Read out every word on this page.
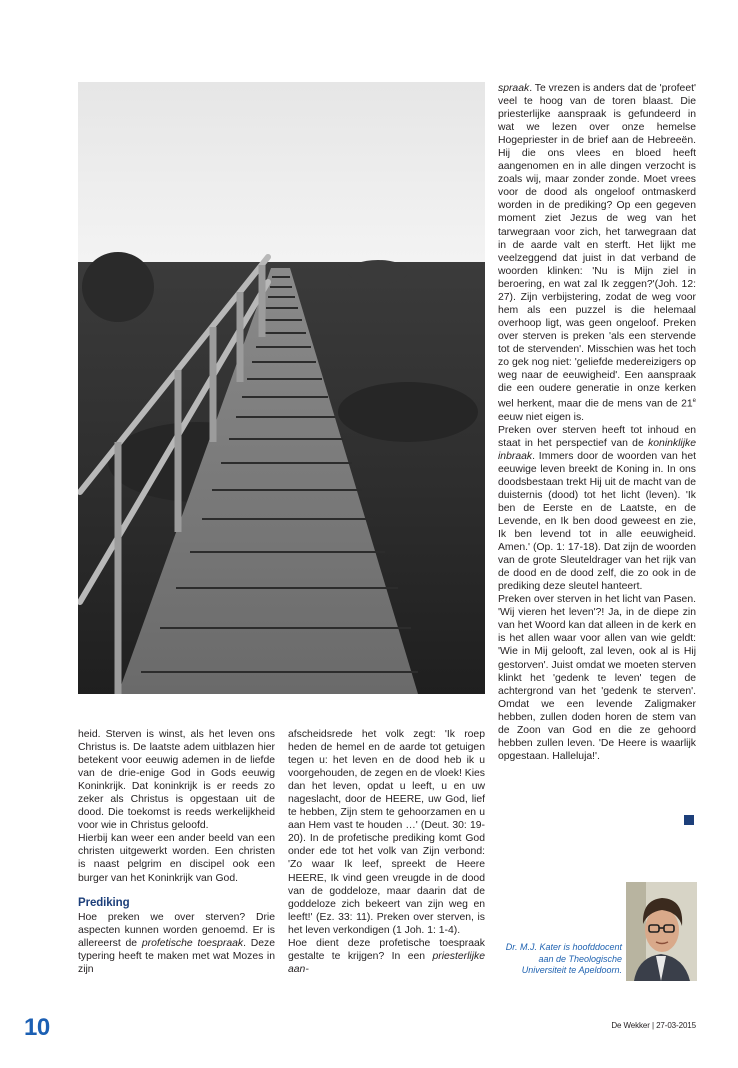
heid. Sterven is winst, als het leven ons Christus is. De laatste adem uitblazen hier betekent voor eeuwig ademen in de liefde van de drie-enige God in Gods eeuwig Koninkrijk. Dat koninkrijk is er reeds zo zeker als Christus is opgestaan uit de dood. Die toekomst is reeds werkelijkheid voor wie in Christus geloofd.

Hierbij kan weer een ander beeld van een christen uitgewerkt worden. Een christen is naast pelgrim en discipel ook een burger van het Koninkrijk van God.

Prediking

Hoe preken we over sterven? Drie aspecten kunnen worden genoemd. Er is allereerst de profetische toespraak. Deze typering heeft te maken met wat Mozes in zijn

afscheidsrede het volk zegt: 'Ik roep heden de hemel en de aarde tot getuigen tegen u: het leven en de dood heb ik u voorgehouden, de zegen en de vloek! Kies dan het leven, opdat u leeft, u en uw nageslacht, door de HEERE, uw God, lief te hebben, Zijn stem te gehoorzamen en u aan Hem vast te houden …' (Deut. 30: 19-20). In de profetische prediking komt God onder ede tot het volk van Zijn verbond: 'Zo waar Ik leef, spreekt de Heere HEERE, Ik vind geen vreugde in de dood van de goddeloze, maar daarin dat de goddeloze zich bekeert van zijn weg en leeft!' (Ez. 33: 11). Preken over sterven, is het leven verkondigen (1 Joh. 1: 1-4).

Hoe dient deze profetische toespraak gestalte te krijgen? In een priesterlijke aan-

spraak. Te vrezen is anders dat de 'profeet' veel te hoog van de toren blaast. Die priesterlijke aanspraak is gefundeerd in wat we lezen over onze hemelse Hogepriester in de brief aan de Hebreeën. Hij die ons vlees en bloed heeft aangenomen en in alle dingen verzocht is zoals wij, maar zonder zonde. Moet vrees voor de dood als ongeloof ontmaskerd worden in de prediking? Op een gegeven moment ziet Jezus de weg van het tarwegraan voor zich, het tarwegraan dat in de aarde valt en sterft. Het lijkt me veelzeggend dat juist in dat verband de woorden klinken: 'Nu is Mijn ziel in beroering, en wat zal Ik zeggen?'(Joh. 12: 27). Zijn verbijstering, zodat de weg voor hem als een puzzel is die helemaal overhoop ligt, was geen ongeloof. Preken over sterven is preken 'als een stervende tot de stervenden'. Misschien was het toch zo gek nog niet: 'geliefde medereizigers op weg naar de eeuwigheid'. Een aanspraak die een oudere generatie in onze kerken wel herkent, maar die de mens van de 21e eeuw niet eigen is.

Preken over sterven heeft tot inhoud en staat in het perspectief van de koninklijke inbraak. Immers door de woorden van het eeuwige leven breekt de Koning in. In ons doodsbestaan trekt Hij uit de macht van de duisternis (dood) tot het licht (leven). 'Ik ben de Eerste en de Laatste, en de Levende, en Ik ben dood geweest en zie, Ik ben levend tot in alle eeuwigheid. Amen.' (Op. 1: 17-18). Dat zijn de woorden van de grote Sleuteldrager van het rijk van de dood en de dood zelf, die zo ook in de prediking deze sleutel hanteert.

Preken over sterven in het licht van Pasen. 'Wij vieren het leven'?! Ja, in de diepe zin van het Woord kan dat alleen in de kerk en is het allen waar voor allen van wie geldt: 'Wie in Mij gelooft, zal leven, ook al is Hij gestorven'. Juist omdat we moeten sterven klinkt het 'gedenk te leven' tegen de achtergrond van het 'gedenk te sterven'. Omdat we een levende Zaligmaker hebben, zullen doden horen de stem van de Zoon van God en die ze gehoord hebben zullen leven. 'De Heere is waarlijk opgestaan. Halleluja!'.

Dr. M.J. Kater is hoofddocent
aan de Theologische
Universiteit te Apeldoorn.
10	De Wekker | 27-03-2015
